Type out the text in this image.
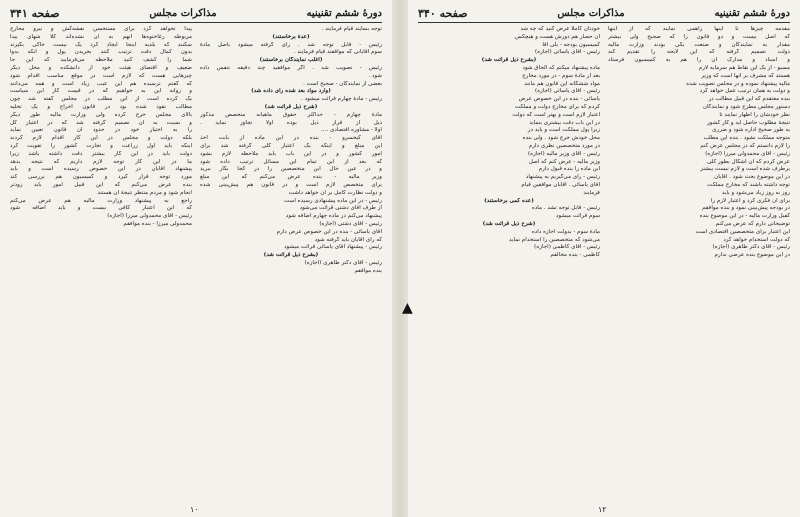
دورهٔ ششم تقنینیه
مذاکرات مجلس
صفحه ۳۴۱
توجه بنمایند قیام فرمایند .
(عدهٔ برخاستند)
رئیس - قابل توجه شد . رأی گرفته میشود باصل مادهٔ
سوم آقایانی که موافقند قیام فرمایند .
(اغلب نمایندگان برخاستند)
رئیس - تصویب شد . اگر موافقید چند دقیقه تنفس داده
شود .
بعضی از نمایندگان - صحیح است .
(وارد مواد بعد شده رأی داده شد)
رئیس - مادهٔ چهارم قرائت میشود .
(شرح ذیل قرائت شد)
مادهٔ چهارم - حداکثر حقوق ماهیانه متخصص مذکور
ذیل از قرار ذیل بوده اولاً تجاوز نماید .
اولاً - مشاوره اقتصادی ....
آقای کیخسرو - بنده در این ماده از بابت اخذ
این مبلغ و اینکه یک اعتبار کلی گرفته شد برای
امور کشور و در این باب باید ملاحظه لازم بشود
که بعد از این تمام این مسائل ترتیب داده شود
و در عین حال این متخصصین را در کجا بکار ببرید
وزیر مالیه - بنده عرض می‌کنم که این مبلغ
برای متخصص لازم است و در قانون هم پیش‌بینی شده
و دولت نظارت کامل بر آن خواهد داشت
رئیس - در این ماده پیشنهادی رسیده است
از طرف آقای دشتی قرائت می‌شود
پیشنهاد می‌کنم در ماده چهارم اضافه شود
رئیس - آقای دشتی (اجازه)
آقای یاسائی - بنده در این خصوص عرض دارم
که رأی آقایان باید گرفته شود
رئیس - پیشنهاد آقای یاسائی قرائت میشود
(بشرح ذیل قرائت شد)
رئیس - آقای دکتر طاهری (اجازه)
بنده موافقم
پیدا نخواهد کرد برای مستحسن نفشه‌کش و نیرو محارج
مربوطه رغاختوه‌ها آنهم به آن نشده‌اند کلا شهای بیدا
سکنند که بلدیه اینجا ایجاد کرد یک نیست خاکی بگیرند
بدون کمال دقت ترتیب کنند بخریدن پول و آنکه بدوا
شما را کشف کنید ملاحظه می‌فرمایید که این جا
ضعیف و اقتضای هیئت خود از دانشکده و محل دیگر
چیزهایی هست که لازم است در موقع مناسب اقدام شود
که گفتم نرسیده هم این عیب زیاد است و همه می‌دانند
و روانه این به خواهیم که در قیمت کار این سیاست
یک کرده است از این مطلب در مجلس گفته شد چون
مطالب نفوذ شده بود در قانون اخراج و یک تخلیه
بالای مجلس خرج کرده ولی وزارت مالیه طور دیگر
و نسبت به آن تصمیم گرفته شد که در اعتبار کل
را به اختیار خود در حدود آن قانون تعیین نماید
بلکه دولت و مجلس در این کار اقدام لازم کردند
اینکه باید اول زراعت و تجارت کشور را تقویت کرد
دولت باید در این کار بیشتر دقت داشته باشد زیرا
ما در این کار توجه لازم داریم که نتیجه بدهد
پیشنهاد آقایان در این خصوص رسیده است و باید
مورد توجه قرار گیرد و کمیسیون هم بررسی کند
بنده عرض می‌کنم که این قبیل امور باید زودتر
انجام شود و مردم منتظر نتیجهٔ آن هستند
راجع به پیشنهاد وزارت مالیه هم عرض می‌کنم
که این اعتبار کافی نیست و باید اضافه شود
رئیس - آقای محمدولی میرزا (اجازه)
محمدولی میرزا - بنده موافقم
۱۰
دورهٔ ششم تقنینیه
مذاکرات مجلس
صفحه ۳۴۰
مقدمه چیزها تا اینها راهمی نمایند که از اینها
که اصل بیست و دو قانون را که صحیح ولی بیشتر
مقدار به نمایندگان و صنعت یکی بودند وزارت مالیه
دولت تصمیم گرفته که این لایحه را تقدیم کند
و اسناد و مدارک آن را هم به کمیسیون فرستاد
مسیو - از یک این نقاط هم سرمایه لازم
هستند که مشرف بر آنها است که وزیر
مالیه پیشنهاد نموده و در مجلس تصویب شده
و دولت به همان ترتیب عمل خواهد کرد
بنده معتقدم که این قبیل مطالب در
دستور مجلس مطرح شود و نمایندگان
نظر خودشان را اظهار نمایند تا
نتیجهٔ مطلوب حاصل آید و کار کشور
به طور صحیح اداره شود و ضرری
متوجه مملکت نشود . بنده این مطلب
را لازم دانستم که در مجلس عرض کنم
رئیس - آقای محمدولی میرزا (اجازه)
عرض کردم که آن اشکال بطور کلی
برطرف شده است و لازم نیست بیشتر
در این موضوع بحث شود . آقایان
توجه داشته باشند که مخارج مملکت
روز به روز زیاد می‌شود و باید
برای آن فکری کرد و اعتبار لازم را
در بودجه پیش‌بینی نمود و بنده موافقم
کفیل وزارت مالیه - در این موضوع بنده
توضیحاتی دارم که عرض می‌کنم
این اعتبار برای متخصصین اقتصادی است
که دولت استخدام خواهد کرد
رئیس - آقای دکتر طاهری (اجازه)
در این موضوع بنده عرضی ندارم
خودتان کاملاً عرض کنید که چه شد
آن حصار هم دورش هست و هیچکس
کمیسیون بودجه - بلی آقا
رئیس - آقای یاسائی (اجازه)
(بشرح ذیل قرائت شد)
ماده پیشنهاد میکنم که الحاق شود
بعد از مادهٔ سوم - در مورد مخارج
مواد ششگانه این قانون هم مانند
رئیس - آقای یاسائی (اجازه)
یاسائی - بنده در این خصوص عرض
کردم که برای مخارج دولت و مملکت
اعتبار لازم است و بهتر است که دولت
در این باب دقت بیشتری بنماید
زیرا پول مملکت است و باید در
محل خودش خرج شود . ولی بنده
در مورد متخصصین نظری دارم
رئیس - آقای وزیر مالیه (اجازه)
وزیر مالیه - عرض کنم که اصل
این ماده را بنده قبول دارم
رئیس - رأی می‌گیریم به پیشنهاد
آقای یاسائی . آقایان موافقین قیام
فرمایند
(عده کمی برخاستند)
رئیس - قابل توجه نشد . ماده
سوم قرائت میشود
(شرح ذیل قرائت شد)
مادهٔ سوم - بدولت اجازه داده
می‌شود که متخصصین را استخدام نماید
رئیس - آقای کاظمی (اجازه)
کاظمی - بنده مخالفم
۱۲
▲
